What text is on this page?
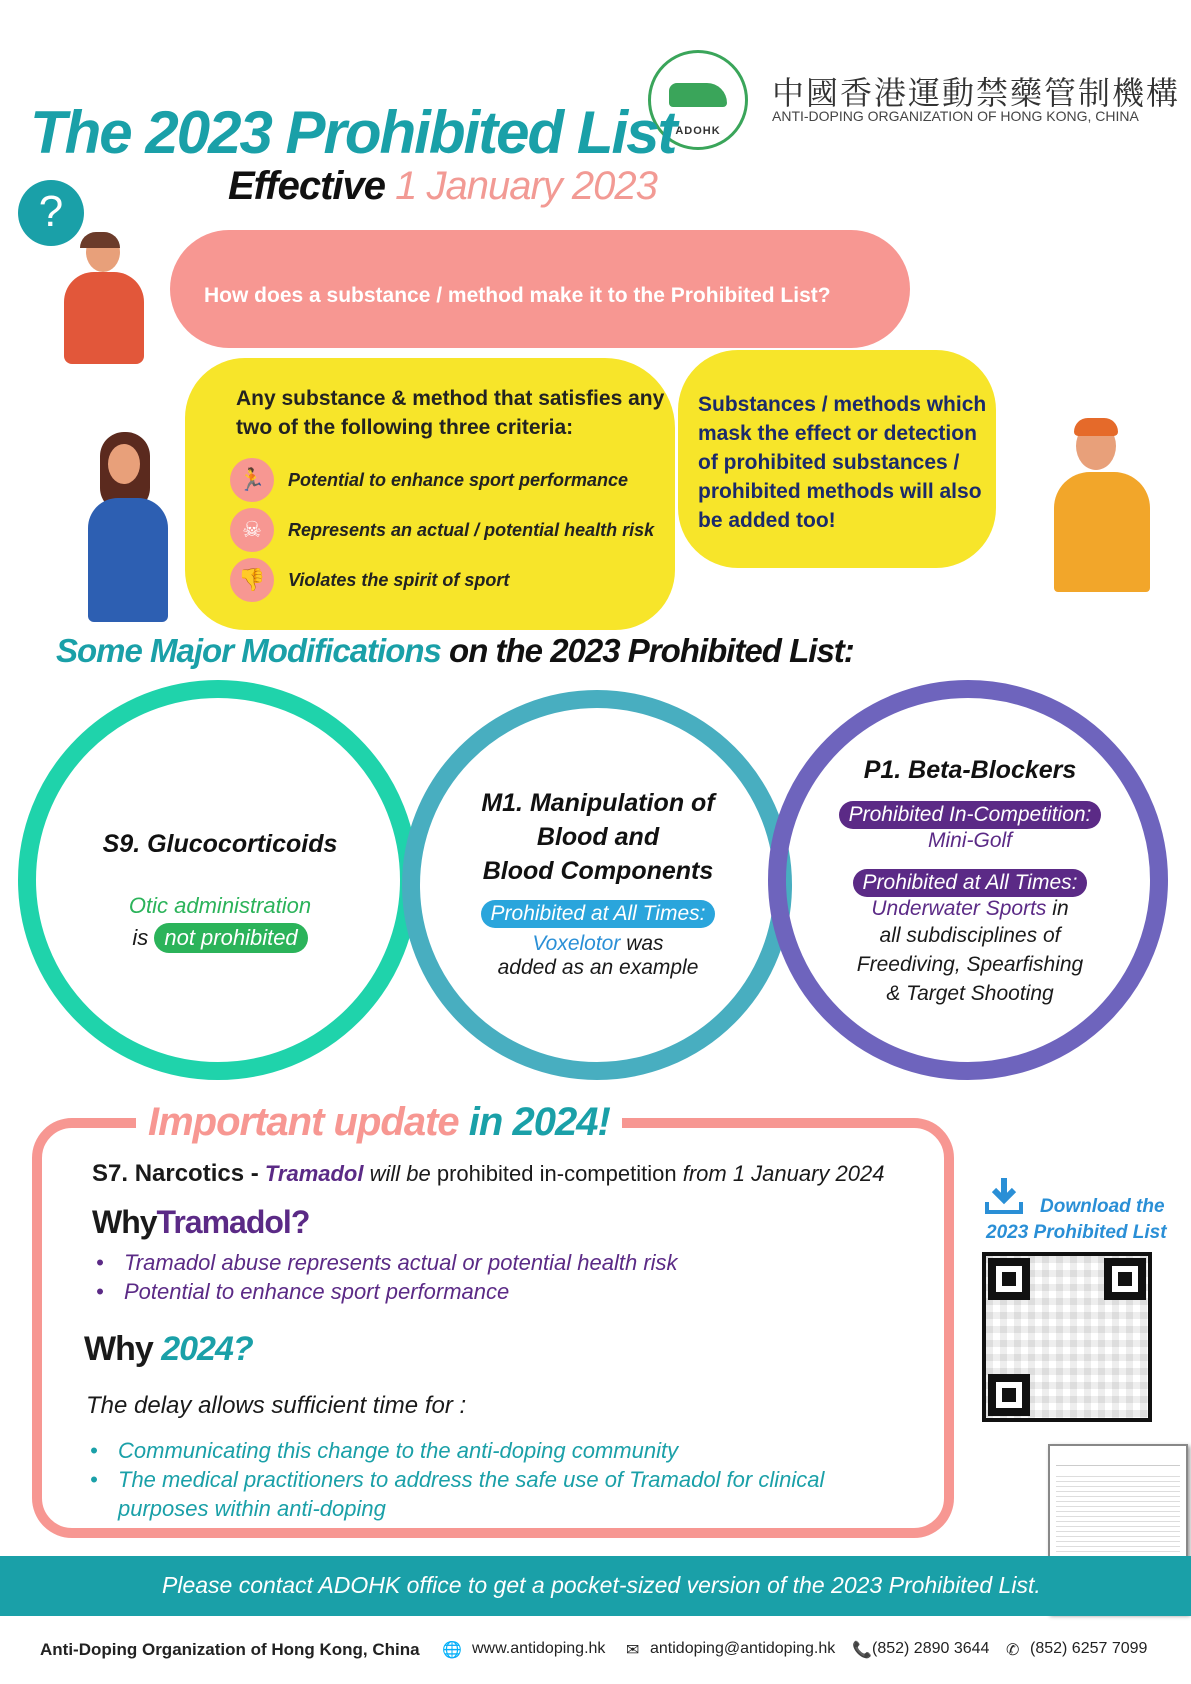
ADOHK
中國香港運動禁藥管制機構
ANTI-DOPING ORGANIZATION OF HONG KONG, CHINA
The 2023 Prohibited List
Effective 1 January 2023
?
How does a substance / method make it to the Prohibited List?
Any substance & method that satisfies any two of the following three criteria:
🏃	Potential to enhance sport performance
☠	Represents an actual / potential health risk
👎	Violates the spirit of sport
Substances / methods which mask the effect or detection of prohibited substances / prohibited methods will also be added too!
Some Major Modifications on the 2023 Prohibited List:
S9. Glucocorticoids
Otic administration
is not prohibited
M1. Manipulation of
Blood and
Blood Components
Prohibited at All Times:
Voxelotor was
added as an example
P1. Beta-Blockers
Prohibited In-Competition:
Mini-Golf
Prohibited at All Times:
Underwater Sports in
all subdisciplines of
Freediving, Spearfishing
& Target Shooting
Important update in 2024!
S7. Narcotics - Tramadol will be prohibited in-competition from 1 January 2024
WhyTramadol?
• Tramadol abuse represents actual or potential health risk
• Potential to enhance sport performance
Why 2024?
The delay allows sufficient time for :
• Communicating this change to the anti-doping community
• The medical practitioners to address the safe use of Tramadol for clinical purposes within anti-doping
Download the
2023 Prohibited List
Please contact ADOHK office to get a pocket-sized version of the 2023 Prohibited List.
Anti-Doping Organization of Hong Kong, China 🌐 www.antidoping.hk ✉ antidoping@antidoping.hk 📞 (852) 2890 3644 ✆ (852) 6257 7099
